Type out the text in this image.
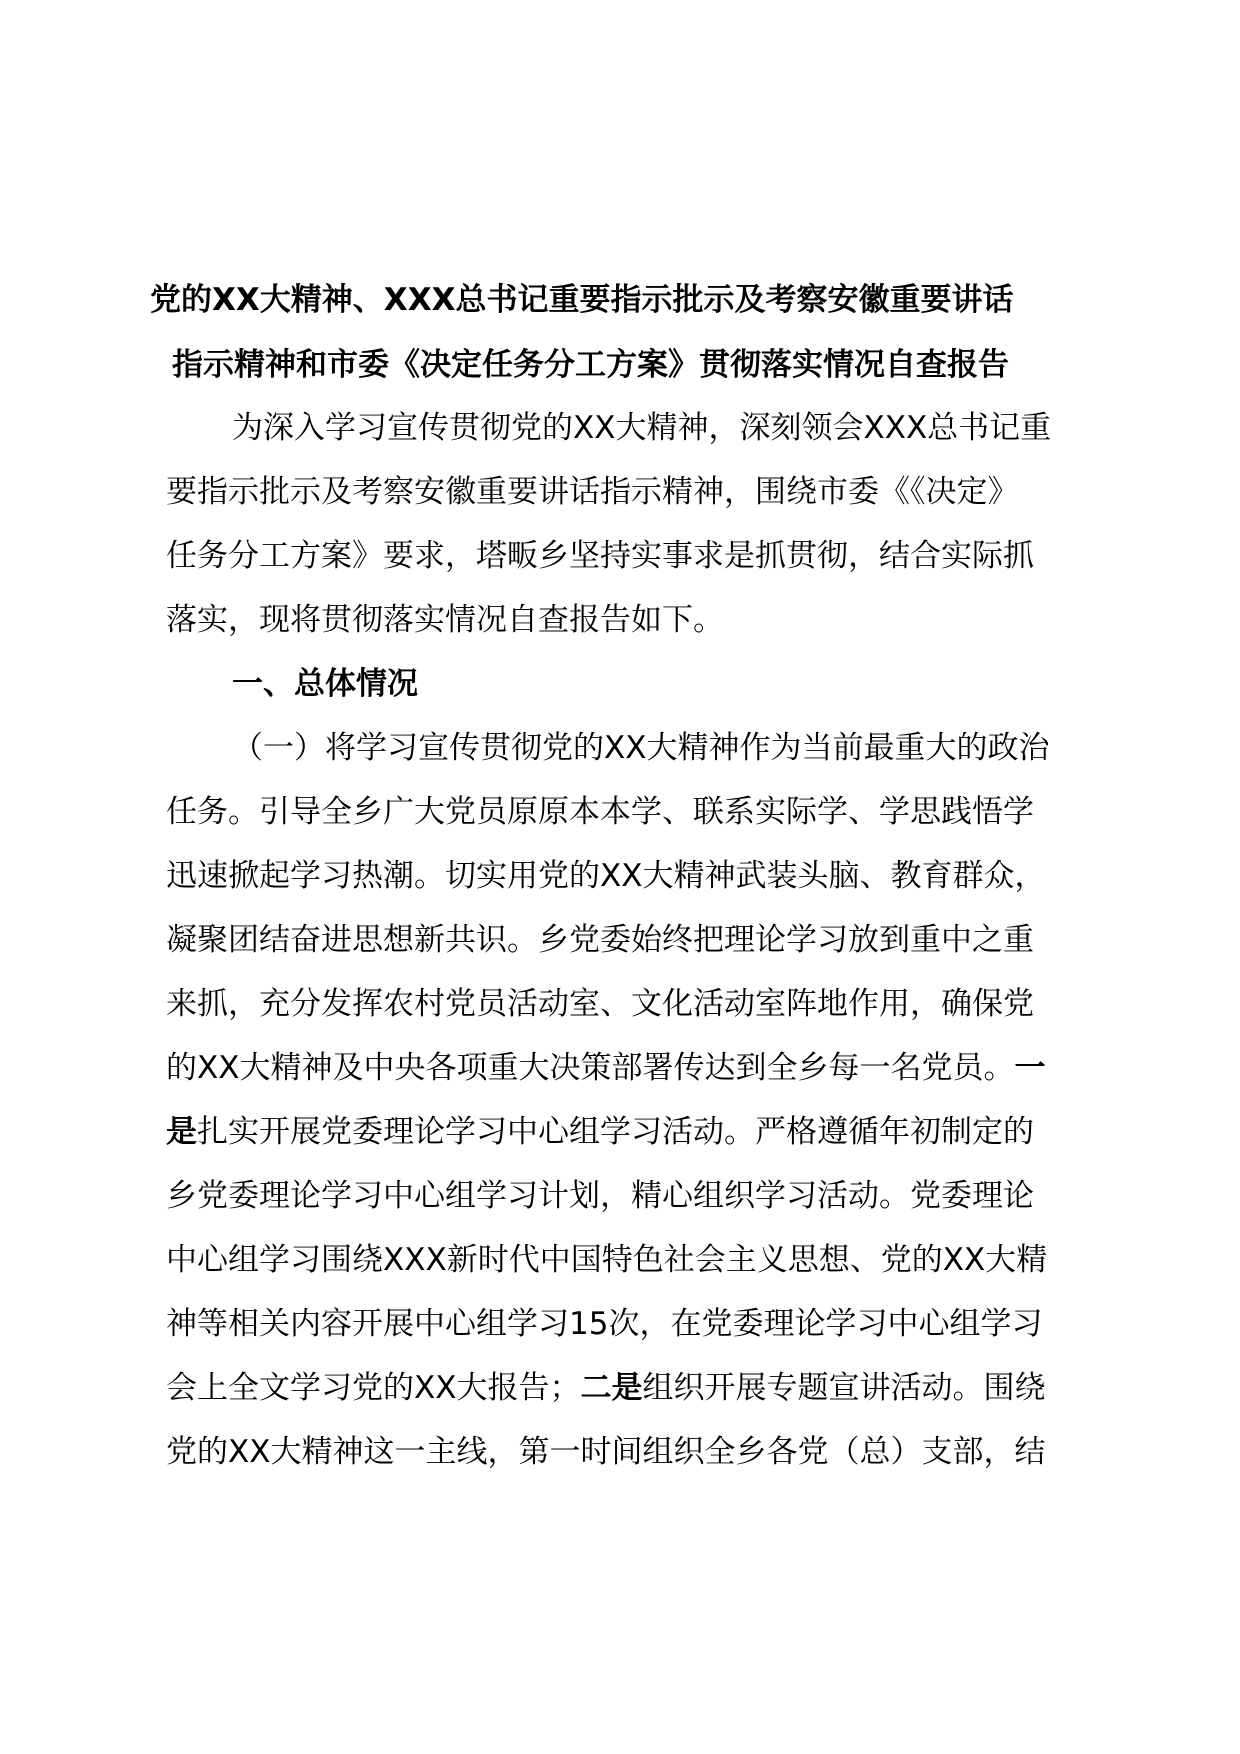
党的XX大精神、XXX总书记重要指示批示及考察安徽重要讲话
指示精神和市委《决定任务分工方案》贯彻落实情况自查报告
为深入学习宣传贯彻党的XX大精神，深刻领会XXX总书记重
要指示批示及考察安徽重要讲话指示精神，围绕市委《《决定》
任务分工方案》要求，塔畈乡坚持实事求是抓贯彻，结合实际抓
落实，现将贯彻落实情况自查报告如下。
一、总体情况
（一）将学习宣传贯彻党的XX大精神作为当前最重大的政治
任务。引导全乡广大党员原原本本学、联系实际学、学思践悟学
迅速掀起学习热潮。切实用党的XX大精神武装头脑、教育群众，
凝聚团结奋进思想新共识。乡党委始终把理论学习放到重中之重
来抓，充分发挥农村党员活动室、文化活动室阵地作用，确保党
的XX大精神及中央各项重大决策部署传达到全乡每一名党员。一
是扎实开展党委理论学习中心组学习活动。严格遵循年初制定的
乡党委理论学习中心组学习计划，精心组织学习活动。党委理论
中心组学习围绕XXX新时代中国特色社会主义思想、党的XX大精
神等相关内容开展中心组学习15次，在党委理论学习中心组学习
会上全文学习党的XX大报告；二是组织开展专题宣讲活动。围绕
党的XX大精神这一主线，第一时间组织全乡各党（总）支部，结
